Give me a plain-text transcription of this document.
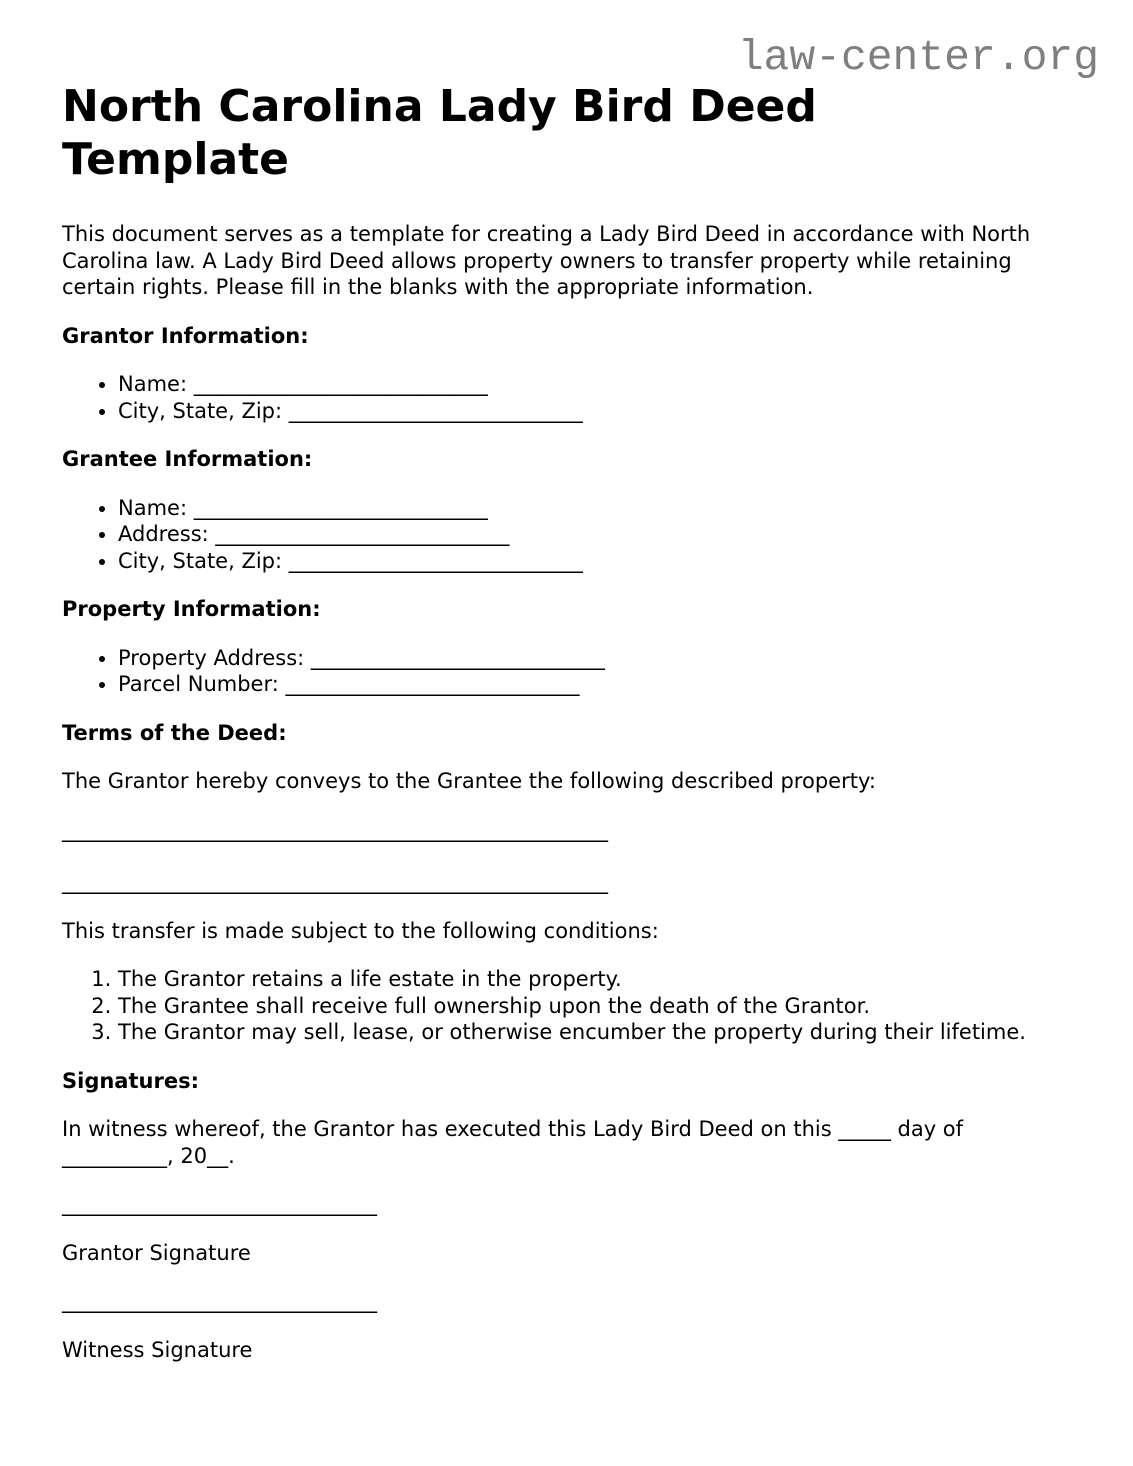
law-center.org
North Carolina Lady Bird Deed Template

This document serves as a template for creating a Lady Bird Deed in accordance with North Carolina law. A Lady Bird Deed allows property owners to transfer property while retaining certain rights. Please fill in the blanks with the appropriate information.

Grantor Information:
• Name: ____________________________
• City, State, Zip: ____________________________
Grantee Information:
• Name: ____________________________
• Address: ____________________________
• City, State, Zip: ____________________________
Property Information:
• Property Address: ____________________________
• Parcel Number: ____________________________
Terms of the Deed:

The Grantor hereby conveys to the Grantee the following described property:

____________________________________________________

____________________________________________________

This transfer is made subject to the following conditions:

1. The Grantor retains a life estate in the property.
2. The Grantee shall receive full ownership upon the death of the Grantor.
3. The Grantor may sell, lease, or otherwise encumber the property during their lifetime.
Signatures:

In witness whereof, the Grantor has executed this Lady Bird Deed on this _____ day of __________, 20__.

______________________________

Grantor Signature

______________________________

Witness Signature
